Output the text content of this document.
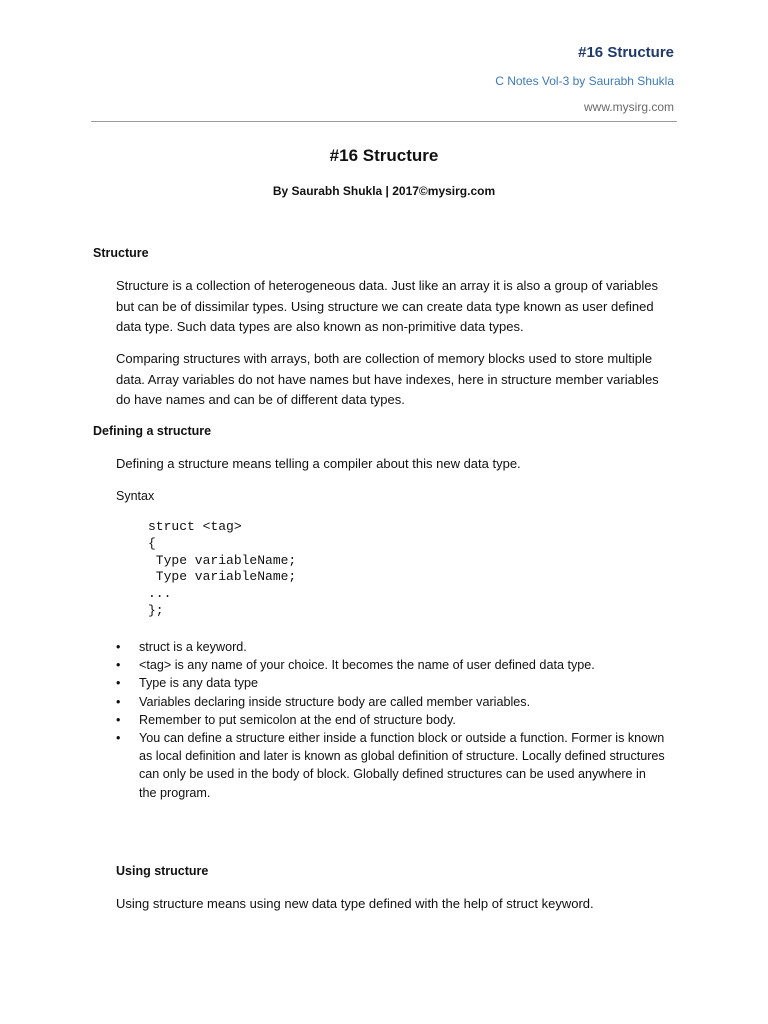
#16 Structure
C Notes Vol-3 by Saurabh Shukla
www.mysirg.com
#16 Structure
By Saurabh Shukla | 2017©mysirg.com
Structure
Structure is a collection of heterogeneous data. Just like an array it is also a group of variables but can be of dissimilar types. Using structure we can create data type known as user defined data type. Such data types are also known as non-primitive data types.
Comparing structures with arrays, both are collection of memory blocks used to store multiple data. Array variables do not have names but have indexes, here in structure member variables do have names and can be of different data types.
Defining a structure
Defining a structure means telling a compiler about this new data type.
Syntax
struct <tag>
{
Type variableName;
Type variableName;
...
};
• struct is a keyword.
• <tag> is any name of your choice. It becomes the name of user defined data type.
• Type is any data type
• Variables declaring inside structure body are called member variables.
• Remember to put semicolon at the end of structure body.
• You can define a structure either inside a function block or outside a function. Former is known as local definition and later is known as global definition of structure. Locally defined structures can only be used in the body of block. Globally defined structures can be used anywhere in the program.
Using structure
Using structure means using new data type defined with the help of struct keyword.
